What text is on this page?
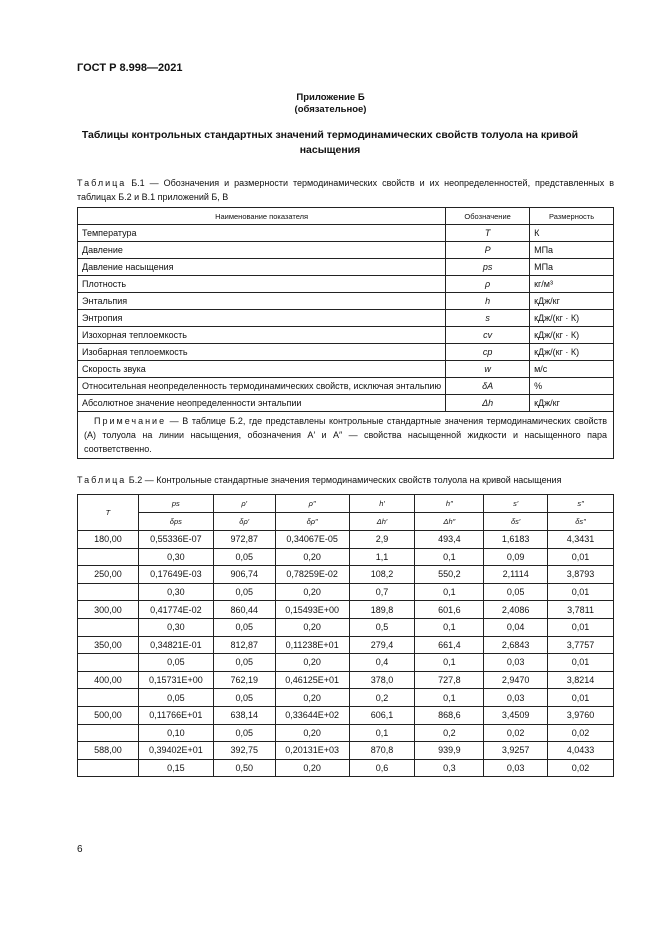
ГОСТ Р 8.998—2021
Приложение Б
(обязательное)
Таблицы контрольных стандартных значений термодинамических свойств толуола на кривой насыщения
Таблица Б.1 — Обозначения и размерности термодинамических свойств и их неопределенностей, представленных в таблицах Б.2 и В.1 приложений Б, В
Наименование показателя	Обозначение	Размерность
Температура	T	К
Давление	P	МПа
Давление насыщения	ps	МПа
Плотность	ρ	кг/м³
Энтальпия	h	кДж/кг
Энтропия	s	кДж/(кг · К)
Изохорная теплоемкость	cv	кДж/(кг · К)
Изобарная теплоемкость	cp	кДж/(кг · К)
Скорость звука	w	м/с
Относительная неопределенность термодинамических свойств, исключая энтальпию	δA	%
Абсолютное значение неопределенности энтальпии	Δh	кДж/кг
Примечание — В таблице Б.2, где представлены контрольные стандартные значения термодинамических свойств (A) толуола на линии насыщения, обозначения A′ и A″ — свойства насыщенной жидкости и насыщенного пара соответственно.		
Таблица Б.2 — Контрольные стандартные значения термодинамических свойств толуола на кривой насыщения
T	ps	ρ′	ρ″	h′	h″	s′	s″
	δps	δρ′	δρ″	Δh′	Δh″	δs′	δs″
180,00	0,55336E-07	972,87	0,34067E-05	2,9	493,4	1,6183	4,3431
	0,30	0,05	0,20	1,1	0,1	0,09	0,01
250,00	0,17649E-03	906,74	0,78259E-02	108,2	550,2	2,1114	3,8793
	0,30	0,05	0,20	0,7	0,1	0,05	0,01
300,00	0,41774E-02	860,44	0,15493E+00	189,8	601,6	2,4086	3,7811
	0,30	0,05	0,20	0,5	0,1	0,04	0,01
350,00	0,34821E-01	812,87	0,11238E+01	279,4	661,4	2,6843	3,7757
	0,05	0,05	0,20	0,4	0,1	0,03	0,01
400,00	0,15731E+00	762,19	0,46125E+01	378,0	727,8	2,9470	3,8214
	0,05	0,05	0,20	0,2	0,1	0,03	0,01
500,00	0,11766E+01	638,14	0,33644E+02	606,1	868,6	3,4509	3,9760
	0,10	0,05	0,20	0,1	0,2	0,02	0,02
588,00	0,39402E+01	392,75	0,20131E+03	870,8	939,9	3,9257	4,0433
	0,15	0,50	0,20	0,6	0,3	0,03	0,02
6
